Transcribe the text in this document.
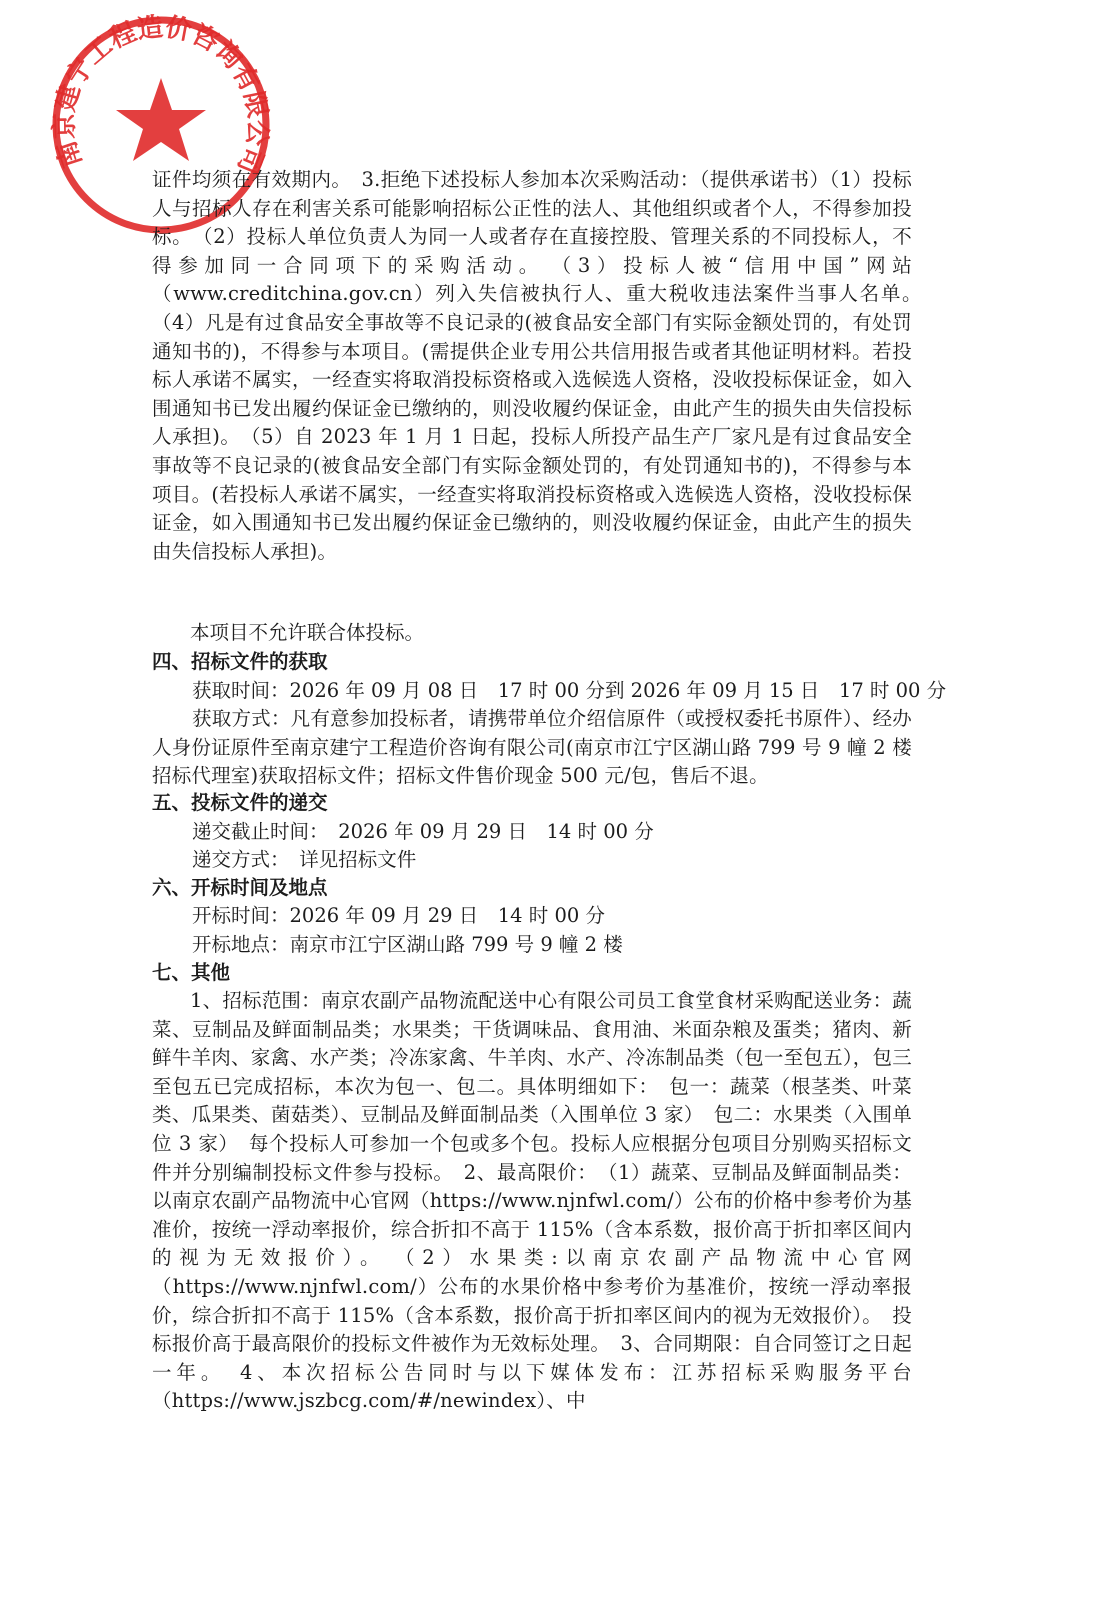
南京建宁工程造价咨询有限公司

证件均须在有效期内。　3.拒绝下述投标人参加本次采购活动：（提供承诺书）（1）投标人与招标人存在利害关系可能影响招标公正性的法人、其他组织或者个人，不得参加投标。　（2）投标人单位负责人为同一人或者存在直接控股、管理关系的不同投标人，不得参加同一合同项下的采购活动。　（3）投标人被“信用中国”网站（www.creditchina.gov.cn）列入失信被执行人、重大税收违法案件当事人名单。　（4）凡是有过食品安全事故等不良记录的(被食品安全部门有实际金额处罚的，有处罚通知书的)，不得参与本项目。(需提供企业专用公共信用报告或者其他证明材料。若投标人承诺不属实，一经查实将取消投标资格或入选候选人资格，没收投标保证金，如入围通知书已发出履约保证金已缴纳的，则没收履约保证金，由此产生的损失由失信投标人承担)。　（5）自 2023 年 1 月 1 日起，投标人所投产品生产厂家凡是有过食品安全事故等不良记录的(被食品安全部门有实际金额处罚的，有处罚通知书的)，不得参与本项目。(若投标人承诺不属实，一经查实将取消投标资格或入选候选人资格，没收投标保证金，如入围通知书已发出履约保证金已缴纳的，则没收履约保证金，由此产生的损失由失信投标人承担)。

本项目不允许联合体投标。

四、招标文件的获取

获取时间：2026 年 09 月 08 日　17 时 00 分到 2026 年 09 月 15 日　17 时 00 分

获取方式：凡有意参加投标者，请携带单位介绍信原件（或授权委托书原件）、经办人身份证原件至南京建宁工程造价咨询有限公司(南京市江宁区湖山路 799 号 9 幢 2 楼招标代理室)获取招标文件；招标文件售价现金 500 元/包，售后不退。

五、投标文件的递交

递交截止时间：　2026 年 09 月 29 日　14 时 00 分

递交方式：　详见招标文件

六、开标时间及地点

开标时间：2026 年 09 月 29 日　14 时 00 分

开标地点：南京市江宁区湖山路 799 号 9 幢 2 楼

七、其他

1、招标范围：南京农副产品物流配送中心有限公司员工食堂食材采购配送业务：蔬菜、豆制品及鲜面制品类；水果类；干货调味品、食用油、米面杂粮及蛋类；猪肉、新鲜牛羊肉、家禽、水产类；冷冻家禽、牛羊肉、水产、冷冻制品类（包一至包五），包三至包五已完成招标，本次为包一、包二。具体明细如下：　包一：蔬菜（根茎类、叶菜类、瓜果类、菌菇类）、豆制品及鲜面制品类（入围单位 3 家）　包二：水果类（入围单位 3 家）　每个投标人可参加一个包或多个包。投标人应根据分包项目分别购买招标文件并分别编制投标文件参与投标。　2、最高限价：　（1）蔬菜、豆制品及鲜面制品类：以南京农副产品物流中心官网（https://www.njnfwl.com/）公布的价格中参考价为基准价，按统一浮动率报价，综合折扣不高于 115%（含本系数，报价高于折扣率区间内的视为无效报价）。　（2）水果类:以南京农副产品物流中心官网（https://www.njnfwl.com/）公布的水果价格中参考价为基准价，按统一浮动率报价，综合折扣不高于 115%（含本系数，报价高于折扣率区间内的视为无效报价）。　投标报价高于最高限价的投标文件被作为无效标处理。　3、合同期限：自合同签订之日起一年。　4、本次招标公告同时与以下媒体发布：江苏招标采购服务平台（https://www.jszbcg.com/#/newindex）、中
